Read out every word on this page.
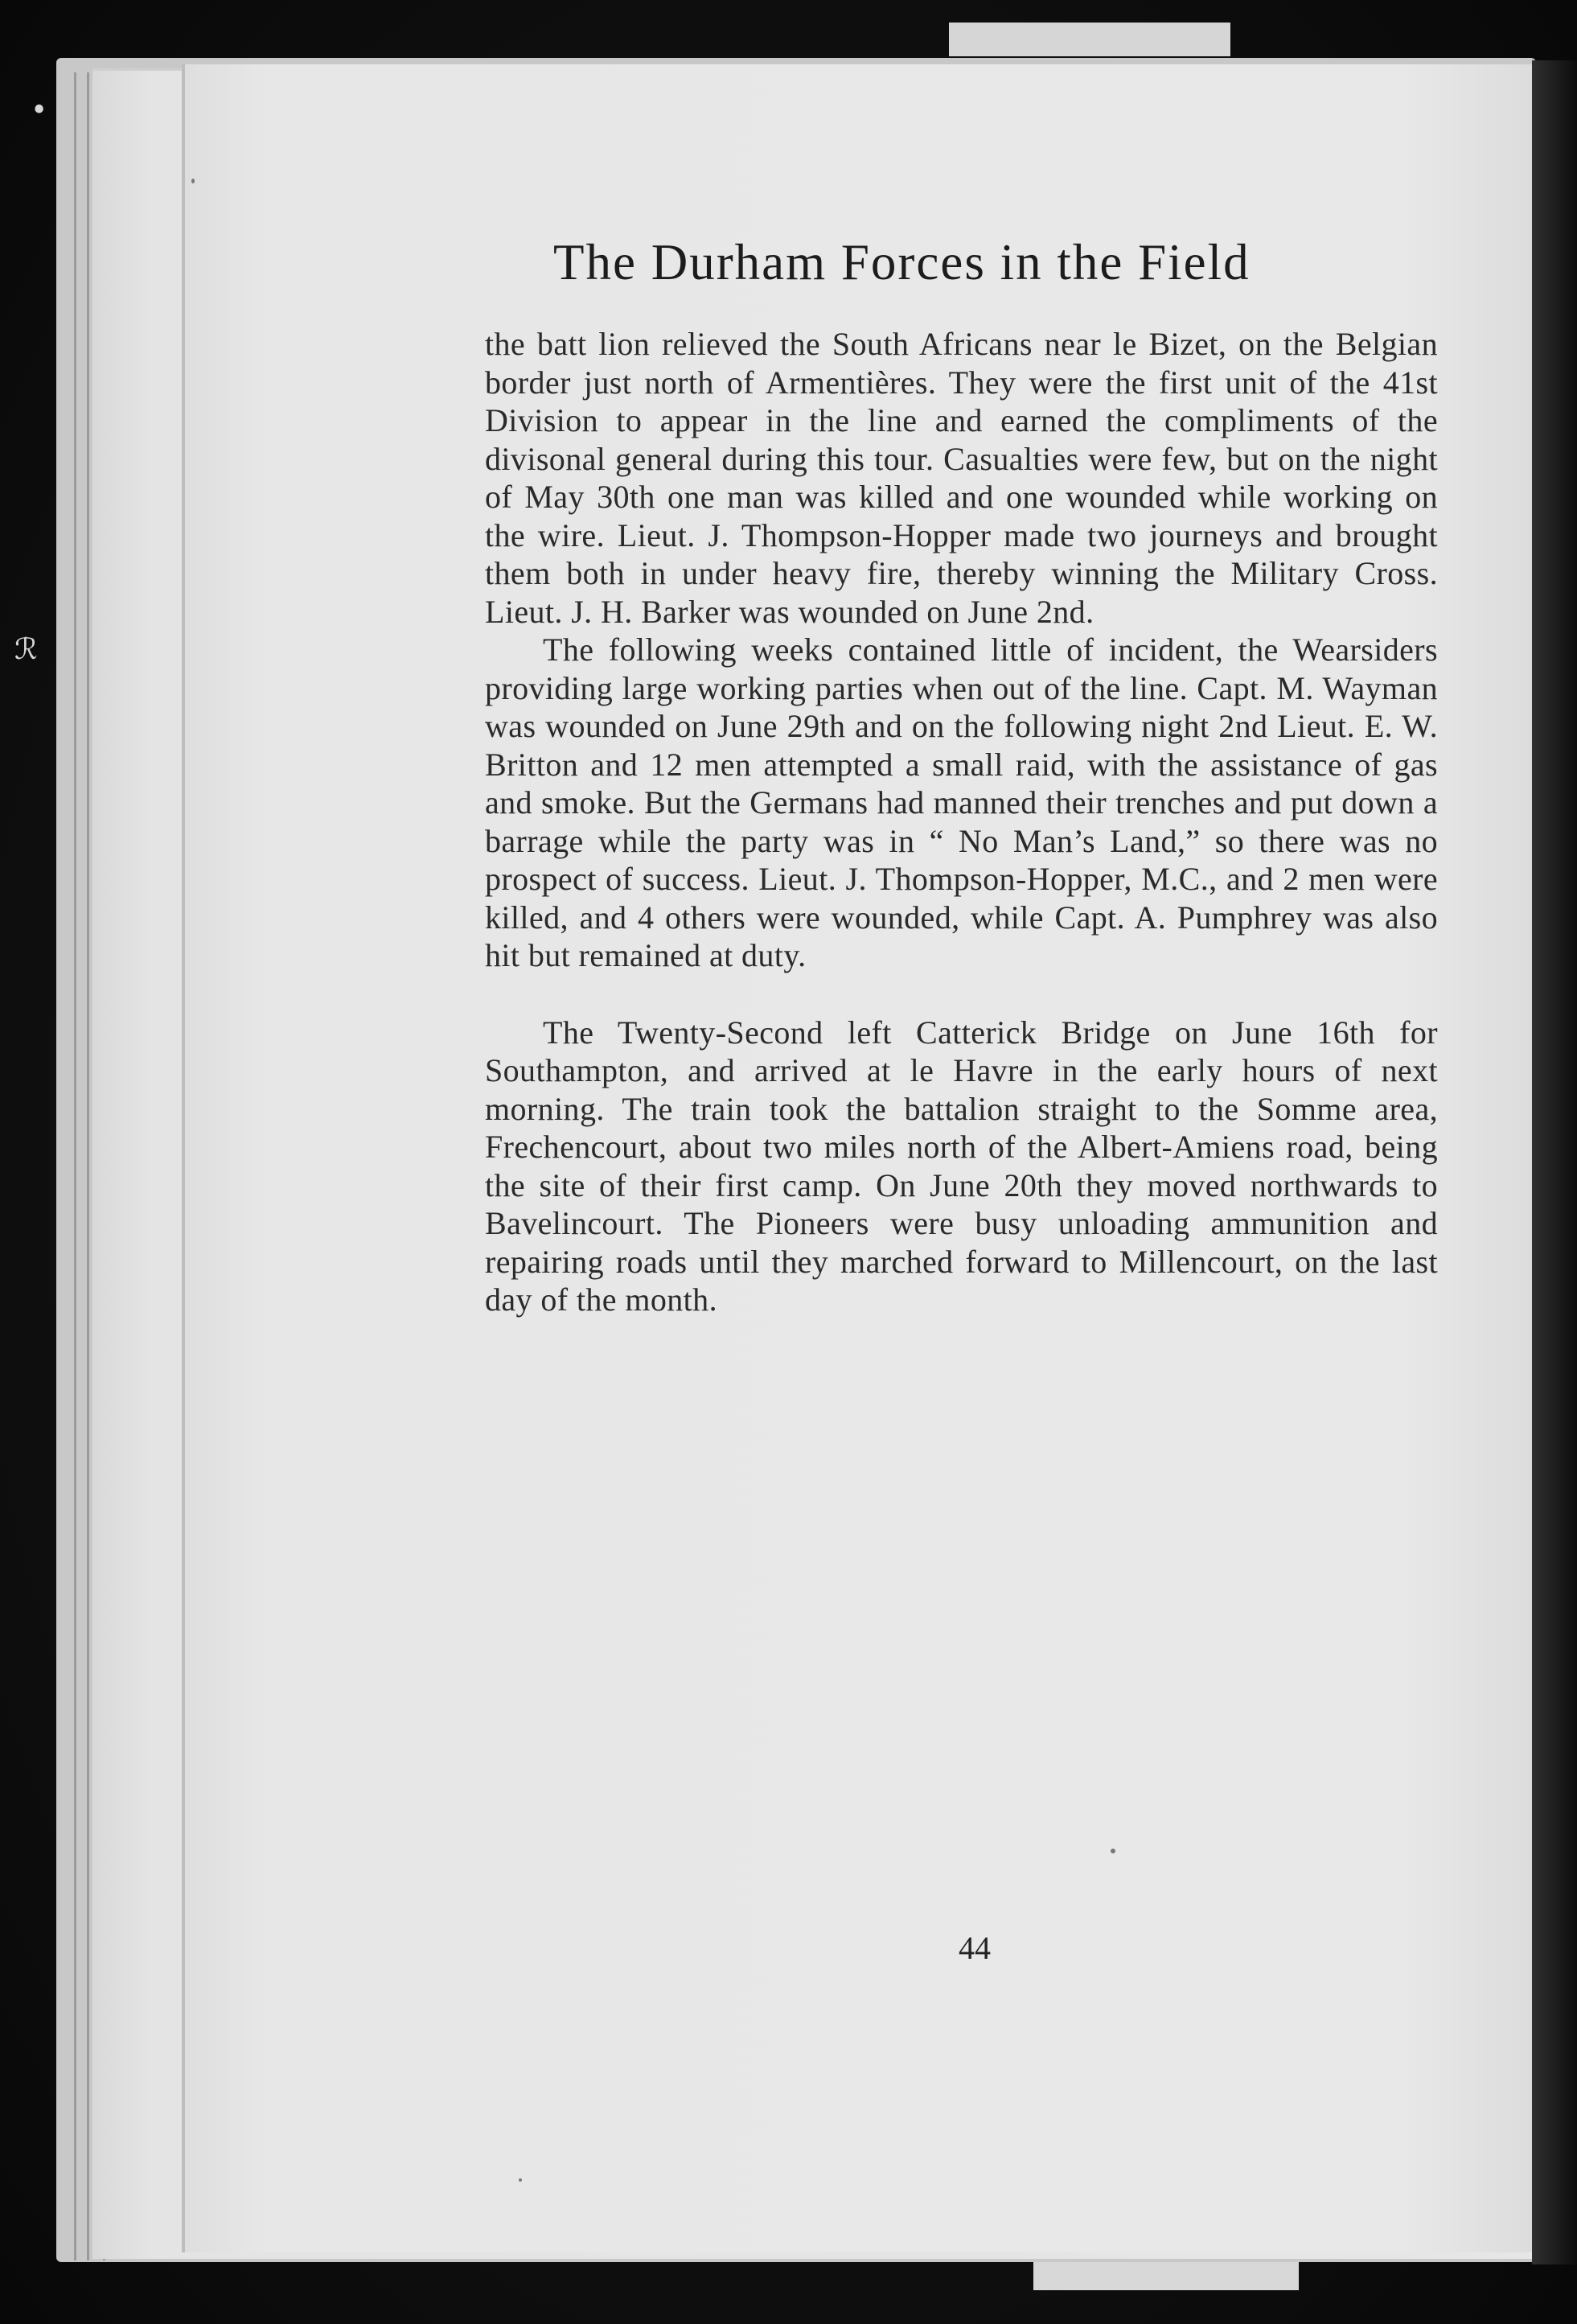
•
ℛ
The Durham Forces in the Field

the batt lion relieved the South Africans near le Bizet, on the Belgian border just north of Armentières. They were the first unit of the 41st Division to appear in the line and earned the compliments of the divisonal general during this tour. Casualties were few, but on the night of May 30th one man was killed and one wounded while working on the wire. Lieut. J. Thompson-Hopper made two journeys and brought them both in under heavy fire, thereby winning the Military Cross. Lieut. J. H. Barker was wounded on June 2nd.

The following weeks contained little of incident, the Wearsiders providing large working parties when out of the line. Capt. M. Wayman was wounded on June 29th and on the following night 2nd Lieut. E. W. Britton and 12 men attempted a small raid, with the assistance of gas and smoke. But the Germans had manned their trenches and put down a barrage while the party was in “ No Man’s Land,” so there was no prospect of success. Lieut. J. Thompson-Hopper, M.C., and 2 men were killed, and 4 others were wounded, while Capt. A. Pumphrey was also hit but remained at duty.

The Twenty-Second left Catterick Bridge on June 16th for Southampton, and arrived at le Havre in the early hours of next morning. The train took the battalion straight to the Somme area, Frechencourt, about two miles north of the Albert-Amiens road, being the site of their first camp. On June 20th they moved northwards to Bavelincourt. The Pioneers were busy unloading ammunition and repairing roads until they marched forward to Millencourt, on the last day of the month.

44
